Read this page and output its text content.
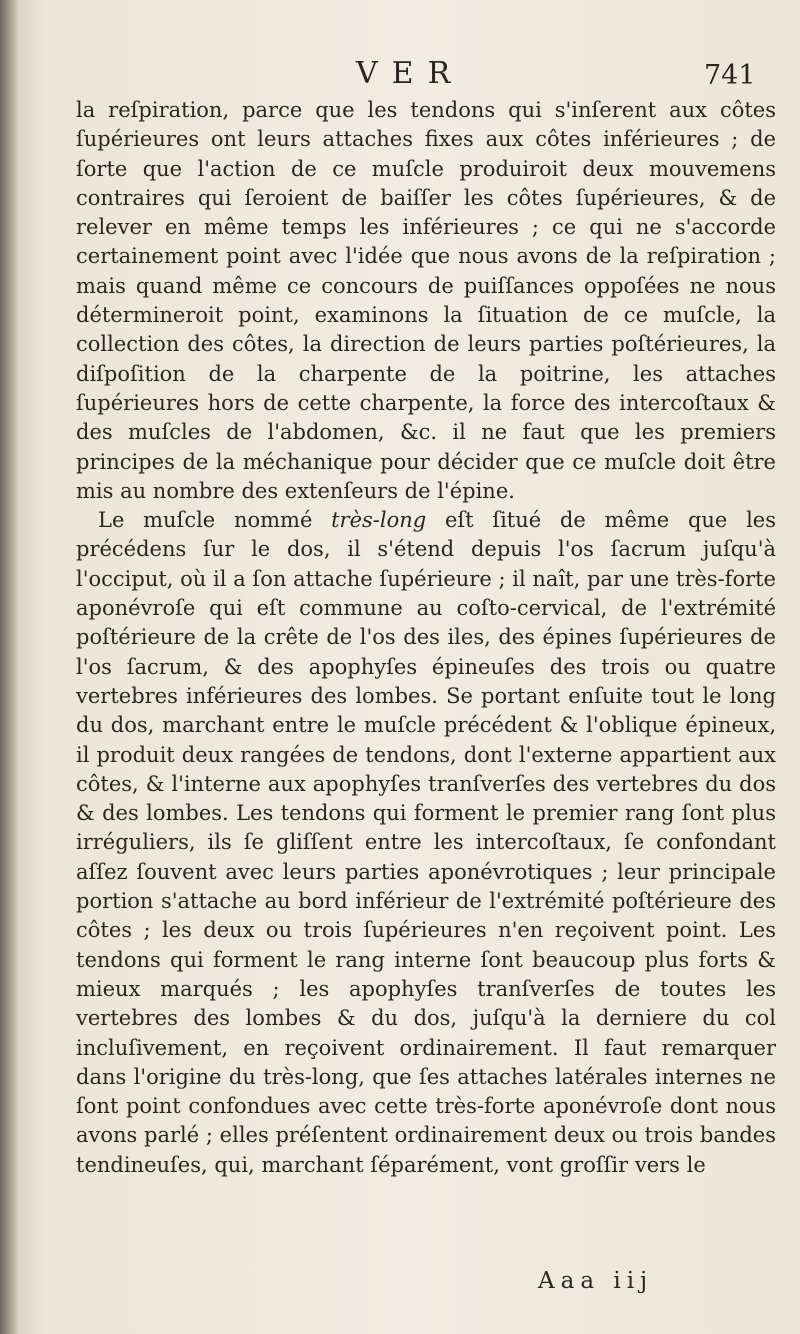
VER	741

la reſpiration, parce que les tendons qui s'inſerent aux côtes ſupérieures ont leurs attaches fixes aux côtes inférieures ; de ſorte que l'action de ce muſcle produiroit deux mouvemens contraires qui ſeroient de baiſſer les côtes ſupérieures, & de relever en même temps les inférieures ; ce qui ne s'accorde certainement point avec l'idée que nous avons de la reſpiration ; mais quand même ce concours de puiſſances oppoſées ne nous détermineroit point, examinons la ſituation de ce muſcle, la collection des côtes, la direction de leurs parties poſtérieures, la diſpoſition de la charpente de la poitrine, les attaches ſupérieures hors de cette charpente, la force des intercoſtaux & des muſcles de l'abdomen, &c. il ne faut que les premiers principes de la méchanique pour décider que ce muſcle doit être mis au nombre des extenſeurs de l'épine.

Le muſcle nommé très-long eſt ſitué de même que les précédens ſur le dos, il s'étend depuis l'os ſacrum juſqu'à l'occiput, où il a ſon attache ſupérieure ; il naît, par une très-forte aponévroſe qui eſt commune au coſto-cervical, de l'extrémité poſtérieure de la crête de l'os des iles, des épines ſupérieures de l'os ſacrum, & des apophyſes épineuſes des trois ou quatre vertebres inférieures des lombes. Se portant enſuite tout le long du dos, marchant entre le muſcle précédent & l'oblique épineux, il produit deux rangées de tendons, dont l'externe appartient aux côtes, & l'interne aux apophyſes tranſverſes des vertebres du dos & des lombes. Les tendons qui forment le premier rang ſont plus irréguliers, ils ſe gliſſent entre les intercoſtaux, ſe confondant aſſez ſouvent avec leurs parties aponévrotiques ; leur principale portion s'attache au bord inférieur de l'extrémité poſtérieure des côtes ; les deux ou trois ſupérieures n'en reçoivent point. Les tendons qui forment le rang interne ſont beaucoup plus forts & mieux marqués ; les apophyſes tranſverſes de toutes les vertebres des lombes & du dos, juſqu'à la derniere du col incluſivement, en reçoivent ordinairement. Il faut remarquer dans l'origine du très-long, que ſes attaches latérales internes ne ſont point confondues avec cette très-forte aponévroſe dont nous avons parlé ; elles préſentent ordinairement deux ou trois bandes tendineuſes, qui, marchant ſéparément, vont groſſir vers le

Aaa iij
